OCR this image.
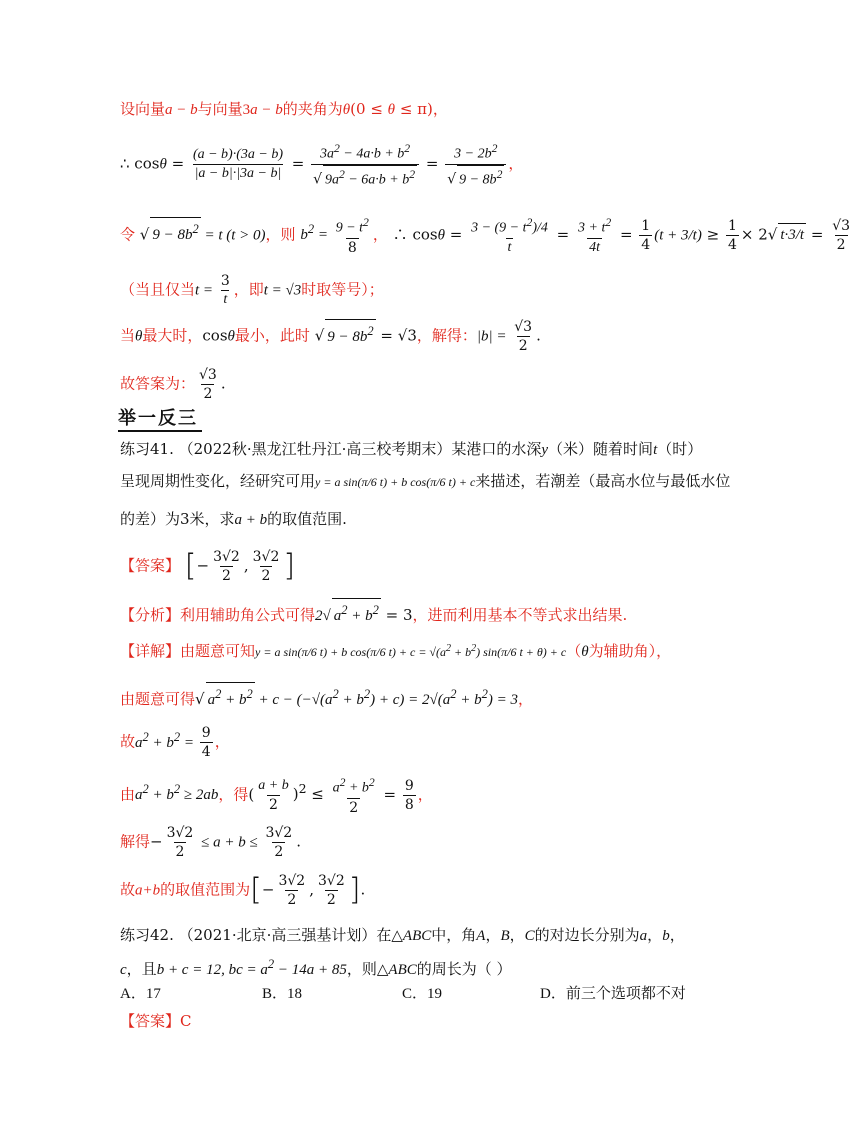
设向量a − b与向量3a − b的夹角为θ(0 ≤ θ ≤ π)，
∴ $\cos\theta = \frac{(a - b)\cdot(3a - b)}{|a - b|\cdot|3a - b|} = \frac{3a^2 - 4a\cdot b + b^2}{√ 9a^2 - 6a\cdot b + b^2} = \frac{3 - 2b^2}{√ 9 - 8b^2}$ ，
令 √ $9 - 8b^2 = t$ (t > 0)，则 $b^2 = \frac{9 - t^2}{8}$ ， ∴ $\cos\theta = \frac{3 - (9 - t^2)/4}{t} = \frac{3 + t^2}{4t} = \frac{1}{4} (t + 3/t) \ge \frac{1}{4} \times 2√$ $t\cdot 3/t = \frac{√3}{2}$
（当且仅当$t = \frac{3}{t}$ ，即t = √3时取等号）；
当θ最大时，cosθ最小，此时 √ $9 - 8b^2 = √3$，解得：$|b| = \frac{√3}{2}$ .
故答案为： $\frac{√3}{2}$ .
举一反三
练习41. （2022秋·黑龙江牡丹江·高三校考期末）某港口的水深y（米）随着时间t（时）
呈现周期性变化，经研究可用y = a sin(π/6 t) + b cos(π/6 t) + c来描述，若潮差（最高水位与最低水位
的差）为3米，求a + b的取值范围.
【答案】 [− $\frac{3√2}{2}$ , $\frac{3√2}{2}$ ]
【分析】利用辅助角公式可得2√ $a^2 + b^2 = 3$，进而利用基本不等式求出结果.
【详解】由题意可知y = a sin(π/6 t) + b cos(π/6 $t) + c = √(a^2 + b^2)$ sin(π/6 t + θ) + c（θ为辅助角），
由题意可得√ $a^2 + b^2 + c - (-√(a^2 + b^2) + c) = 2√(a^2 + b^2) = 3$，
故$a^2 + b^2 = \frac{9}{4}$ ，
由$a^2 + b^2 \ge 2ab$，得( $\frac{a + b}{2} )^2 \le \frac{a^2 + b^2}{2} = \frac{9}{8}$ ，
解得− $\frac{3√2}{2} \le a + b \le \frac{3√2}{2}$ .
故a+b的取值范围为[− $\frac{3√2}{2}$ , $\frac{3√2}{2}$ ].
练习42. （2021·北京·高三强基计划）在△ABC中，角A，B，C的对边长分别为a，b，
c，且b + c = 12, bc = $a^2 - 14a + 85$，则△ABC的周长为（ ）
A．17	B．18	C．19	D．前三个选项都不对
【答案】C
